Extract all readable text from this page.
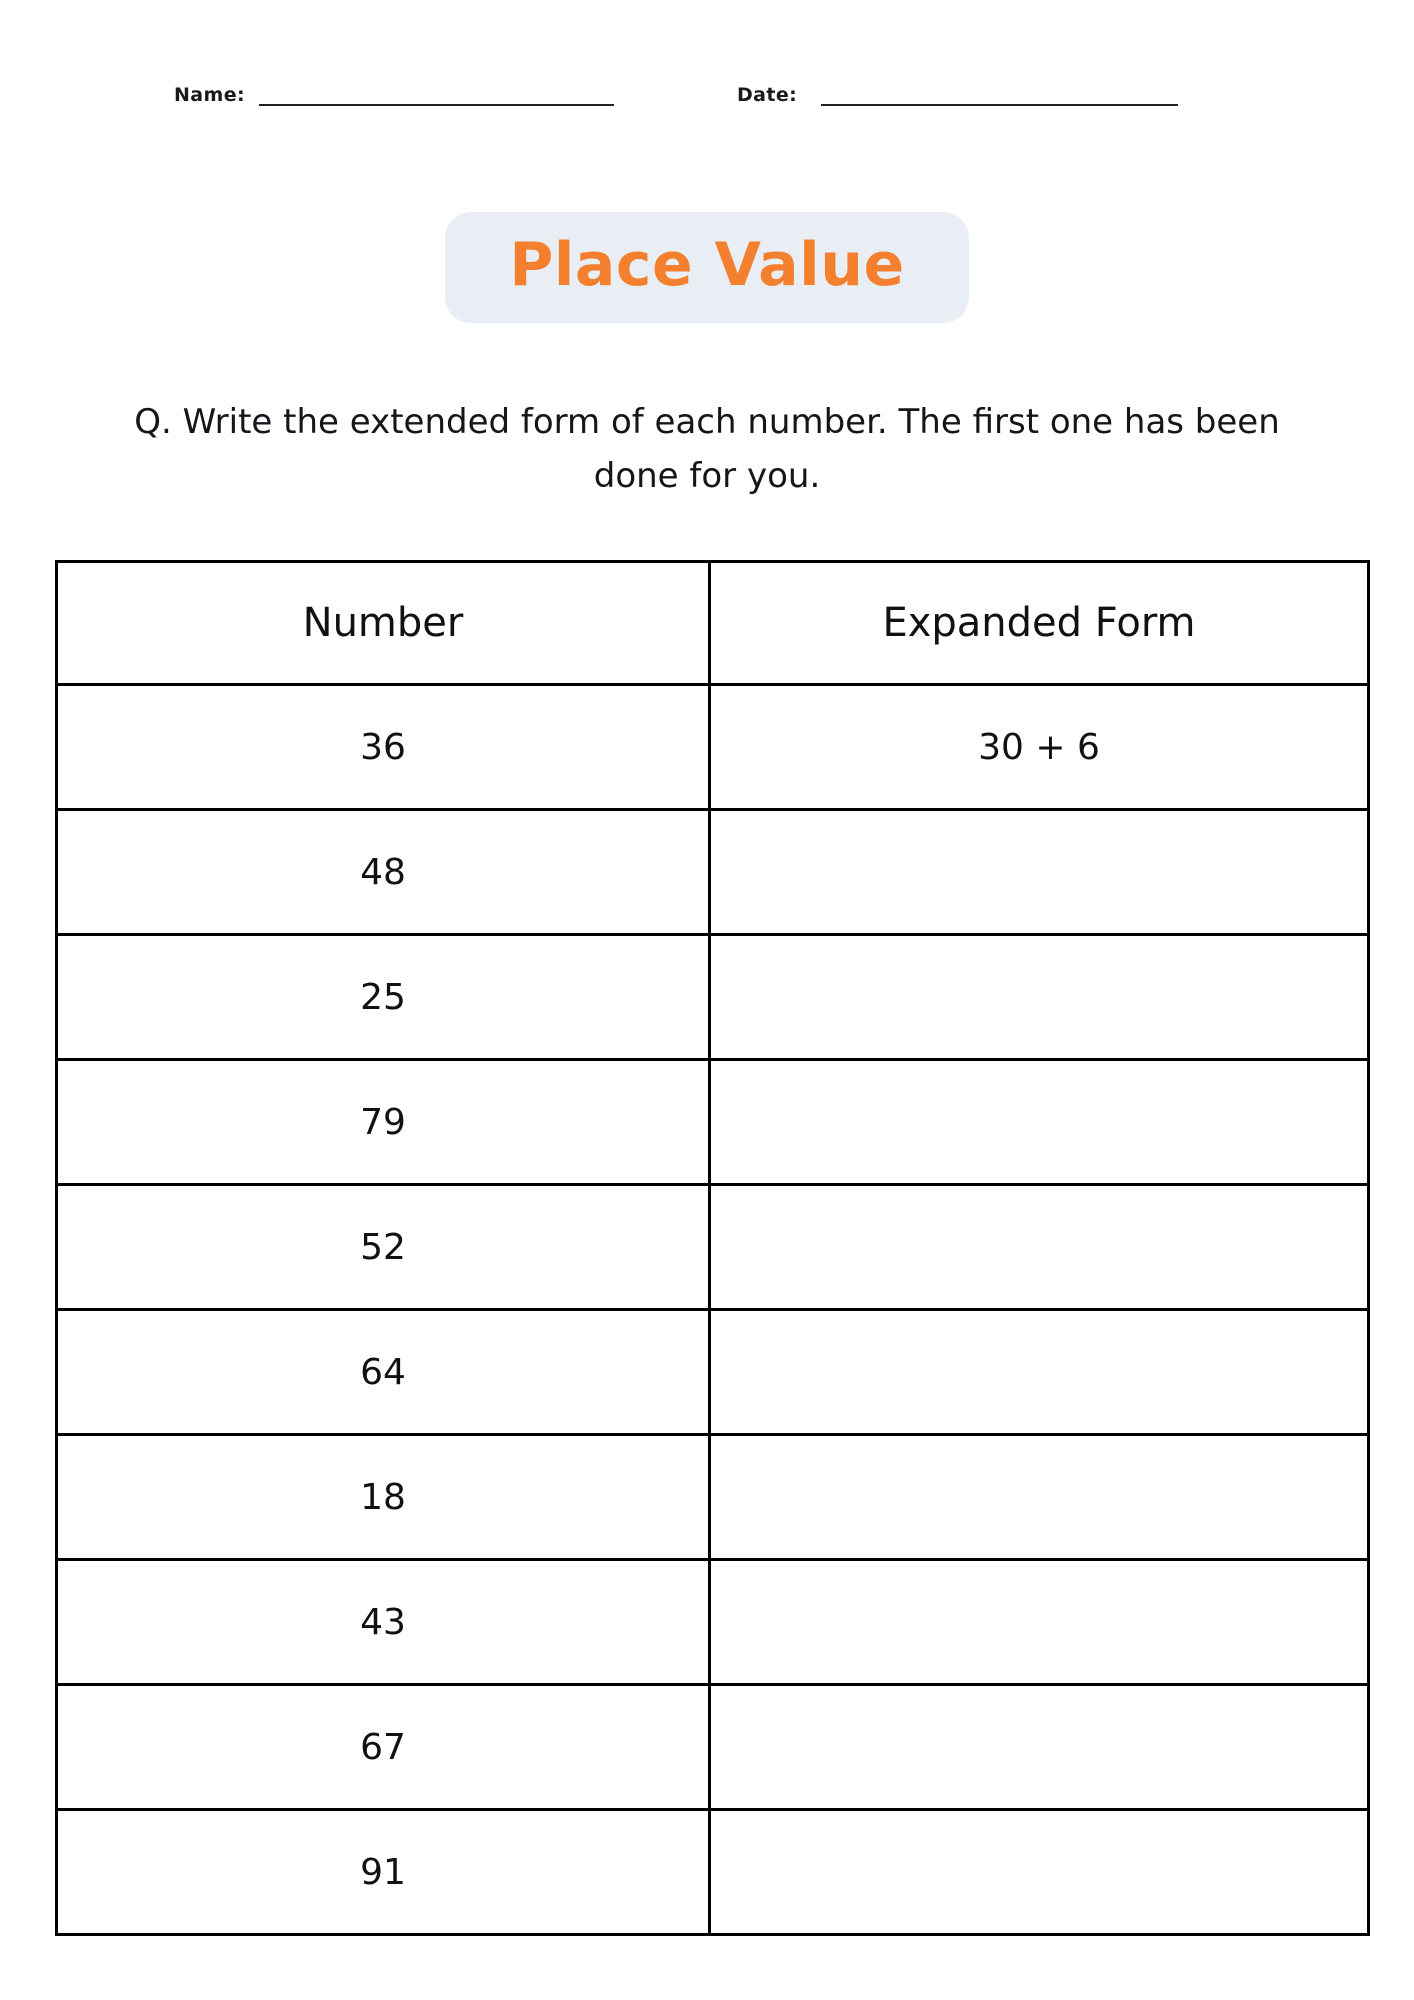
Name:	Date:
Place Value
Q. Write the extended form of each number. The first one has been done for you.
Number	Expanded Form
36	30 + 6
48	
25	
79	
52	
64	
18	
43	
67	
91	
